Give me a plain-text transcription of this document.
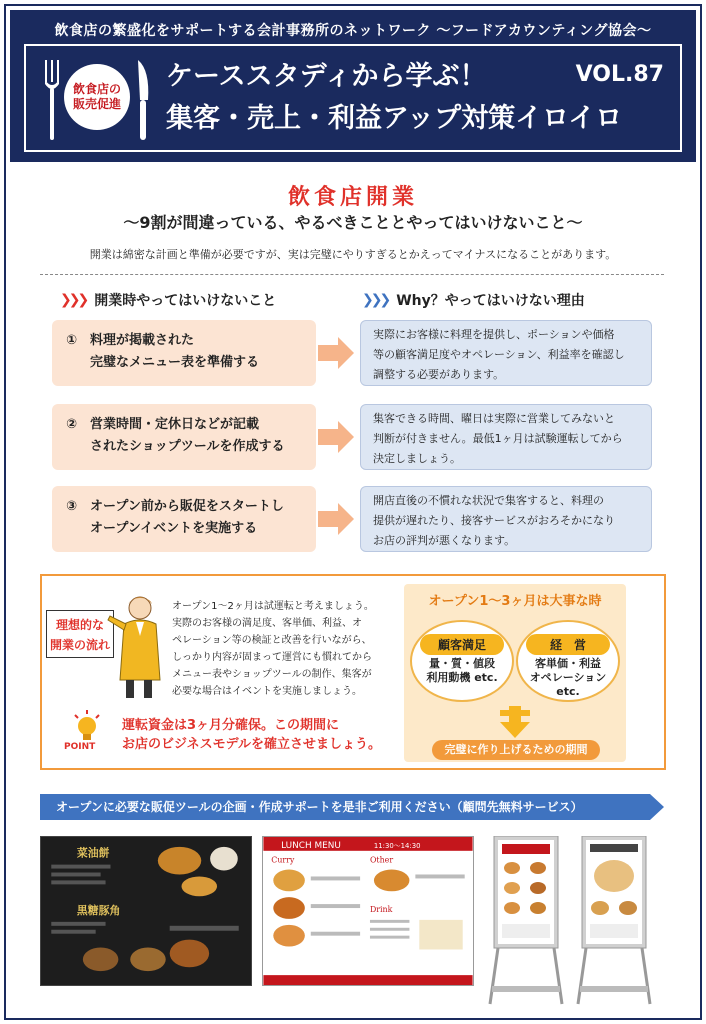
飲食店の繁盛化をサポートする会計事務所のネットワーク ～フードアカウンティング協会～
飲食店の
販売促進
ケーススタディから学ぶ！
集客・売上・利益アップ対策イロイロ
VOL.87
飲食店開業
～9割が間違っている、やるべきこととやってはいけないこと～
開業は綿密な計画と準備が必要ですが、実は完璧にやりすぎるとかえってマイナスになることがあります。
❯❯❯ 開業時やってはいけないこと	❯❯❯ Why？やってはいけない理由
① 料理が掲載された
完璧なメニュー表を準備する
実際にお客様に料理を提供し、ポーションや価格
等の顧客満足度やオペレーション、利益率を確認し
調整する必要があります。
② 営業時間・定休日などが記載
されたショップツールを作成する
集客できる時間、曜日は実際に営業してみないと
判断が付きません。最低1ヶ月は試験運転してから
決定しましょう。
③ オープン前から販促をスタートし
オープンイベントを実施する
開店直後の不慣れな状況で集客すると、料理の
提供が遅れたり、接客サービスがおろそかになり
お店の評判が悪くなります。
理想的な
開業の流れ
オープン1～2ヶ月は試運転と考えましょう。
実際のお客様の満足度、客単価、利益、オ
ペレーション等の検証と改善を行いながら、
しっかり内容が固まって運営にも慣れてから
メニュー表やショップツールの制作、集客が
必要な場合はイベントを実施しましょう。
オープン1～3ヶ月は大事な時
顧客満足
量・質・値段
利用動機 etc.
経　営
客単価・利益
オペレーション
etc.
完璧に作り上げるための期間
POINT
運転資金は3ヶ月分確保。この期間に
お店のビジネスモデルを確立させましょう。
オープンに必要な販促ツールの企画・作成サポートを是非ご利用ください（顧問先無料サービス）
菜油餅
黒糖豚角
LUNCH MENU	11:30～14:30
Curry	Other
Drink
